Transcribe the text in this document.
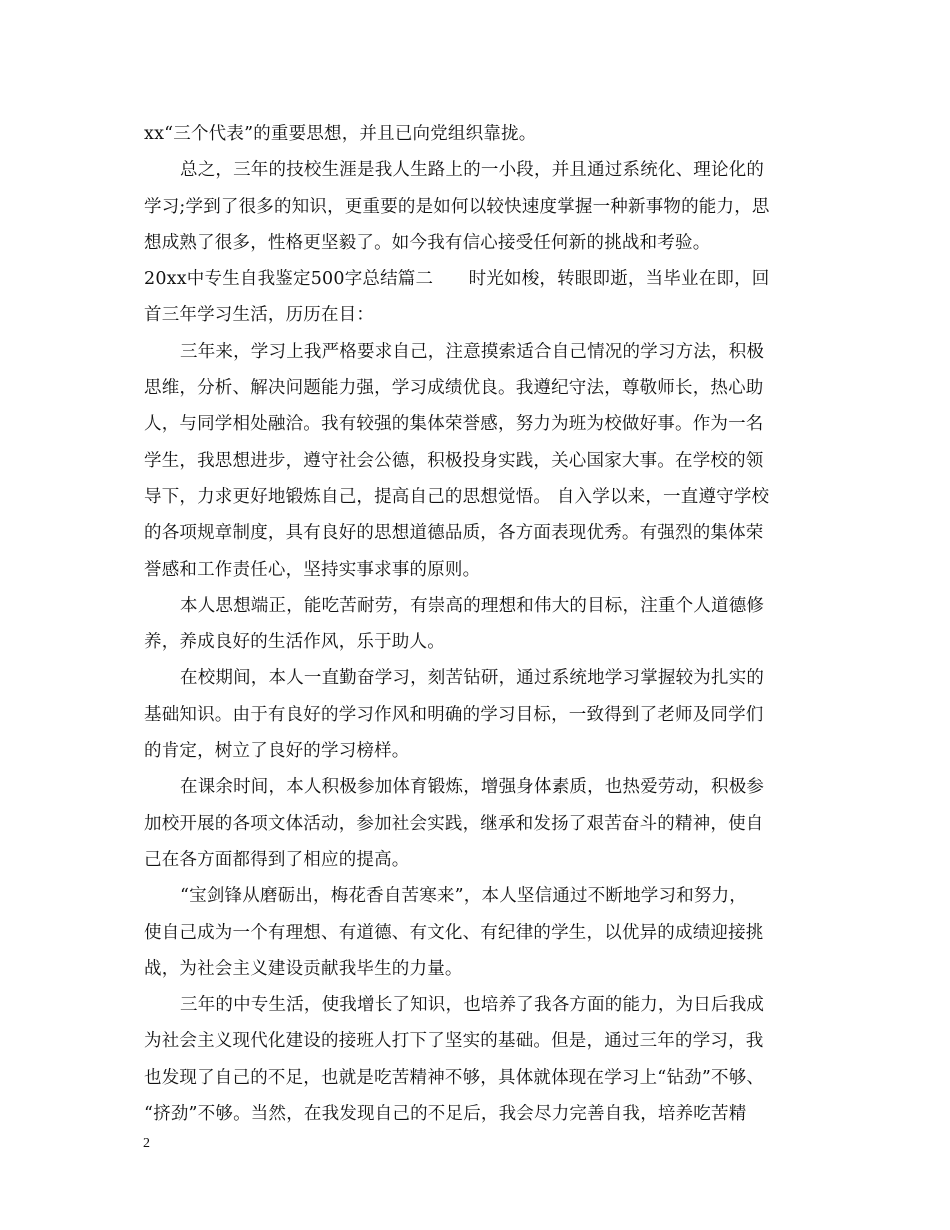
xx“三个代表”的重要思想，并且已向党组织靠拢。
总之，三年的技校生涯是我人生路上的一小段，并且通过系统化、理论化的
学习;学到了很多的知识，更重要的是如何以较快速度掌握一种新事物的能力，思
想成熟了很多，性格更坚毅了。如今我有信心接受任何新的挑战和考验。
20xx中专生自我鉴定500字总结篇二　　时光如梭，转眼即逝，当毕业在即，回
首三年学习生活，历历在目：
三年来，学习上我严格要求自己，注意摸索适合自己情况的学习方法，积极
思维，分析、解决问题能力强，学习成绩优良。我遵纪守法，尊敬师长，热心助
人，与同学相处融洽。我有较强的集体荣誉感，努力为班为校做好事。作为一名
学生，我思想进步，遵守社会公德，积极投身实践，关心国家大事。在学校的领
导下，力求更好地锻炼自己，提高自己的思想觉悟。 自入学以来，一直遵守学校
的各项规章制度，具有良好的思想道德品质，各方面表现优秀。有强烈的集体荣
誉感和工作责任心，坚持实事求事的原则。
本人思想端正，能吃苦耐劳，有崇高的理想和伟大的目标，注重个人道德修
养，养成良好的生活作风，乐于助人。
在校期间，本人一直勤奋学习，刻苦钻研，通过系统地学习掌握较为扎实的
基础知识。由于有良好的学习作风和明确的学习目标，一致得到了老师及同学们
的肯定，树立了良好的学习榜样。
在课余时间，本人积极参加体育锻炼，增强身体素质，也热爱劳动，积极参
加校开展的各项文体活动，参加社会实践，继承和发扬了艰苦奋斗的精神，使自
己在各方面都得到了相应的提高。
“宝剑锋从磨砺出，梅花香自苦寒来”，本人坚信通过不断地学习和努力，
使自己成为一个有理想、有道德、有文化、有纪律的学生，以优异的成绩迎接挑
战，为社会主义建设贡献我毕生的力量。
三年的中专生活，使我增长了知识，也培养了我各方面的能力，为日后我成
为社会主义现代化建设的接班人打下了坚实的基础。但是，通过三年的学习，我
也发现了自己的不足，也就是吃苦精神不够，具体就体现在学习上“钻劲”不够、
“挤劲”不够。当然，在我发现自己的不足后，我会尽力完善自我，培养吃苦精
2
